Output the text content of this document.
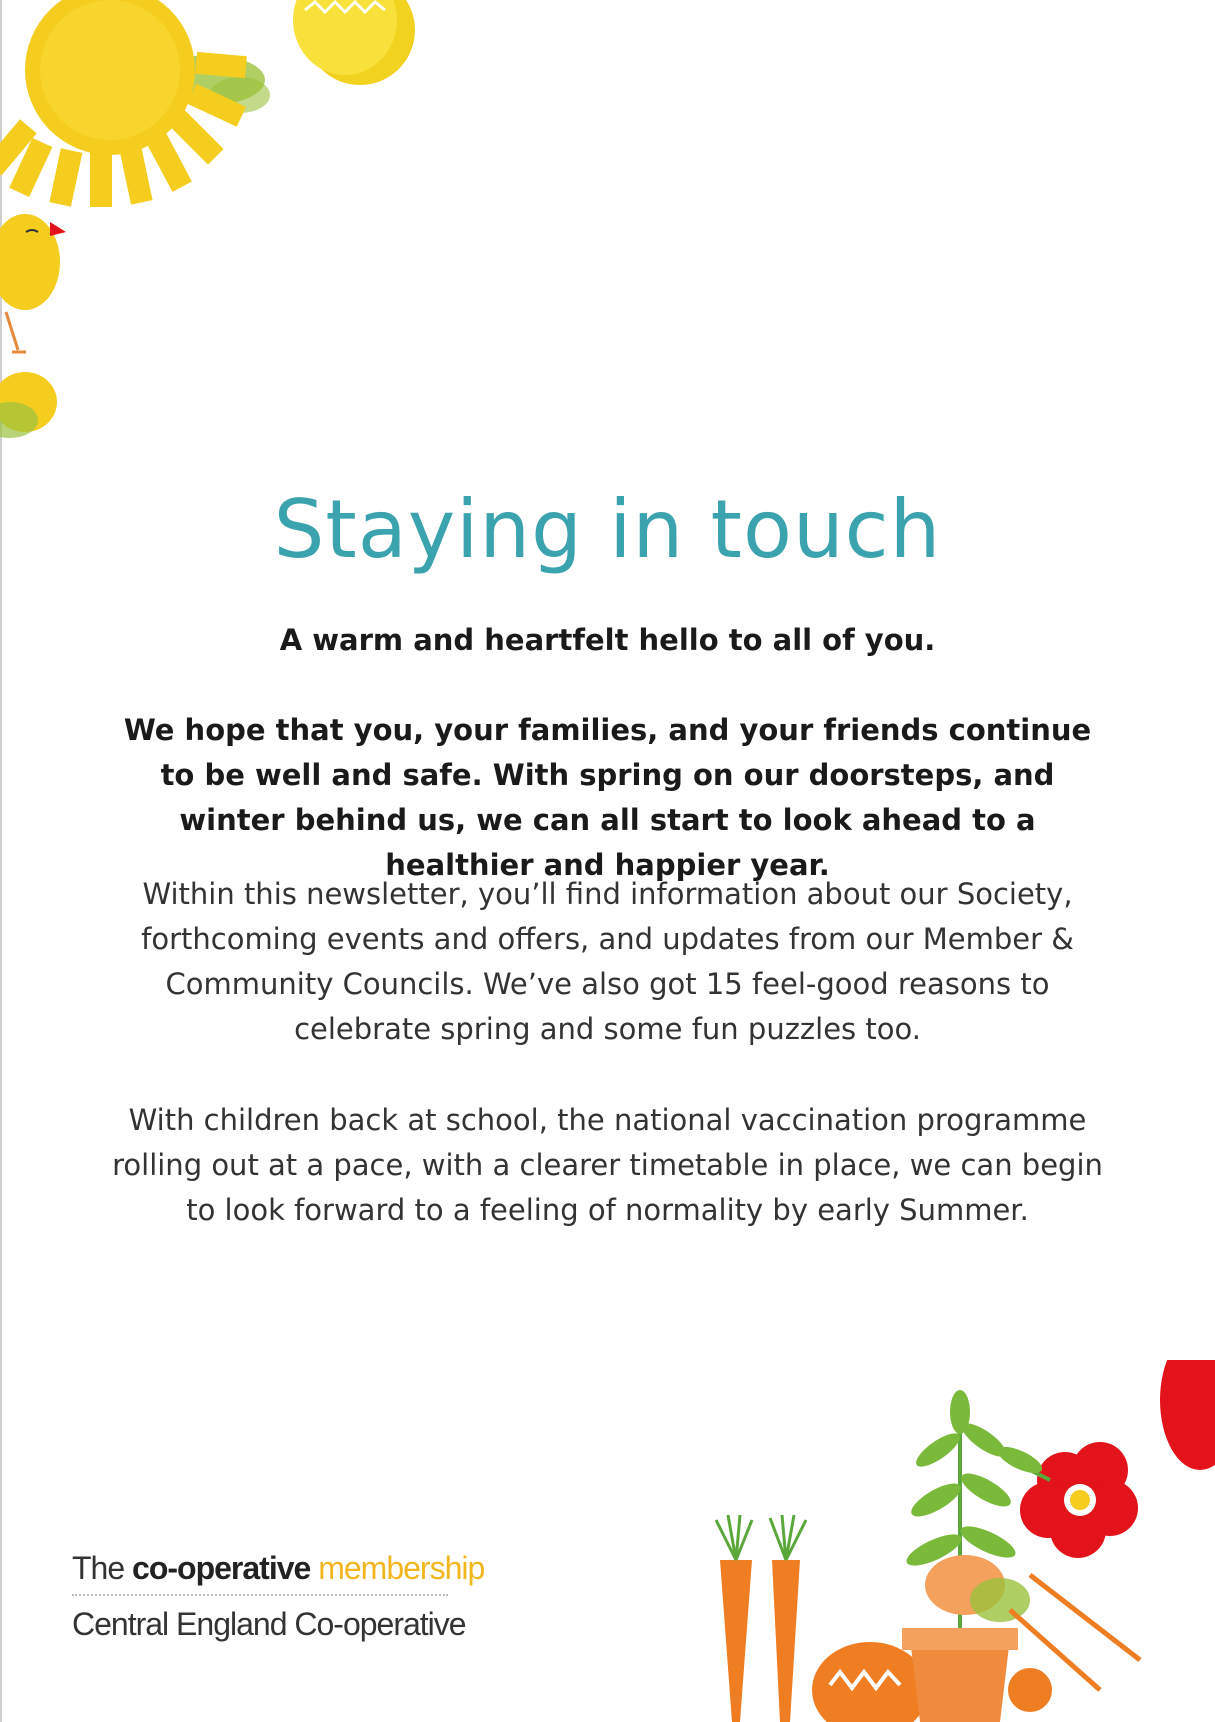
Staying in touch

A warm and heartfelt hello to all of you.

We hope that you, your families, and your friends continue to be well and safe. With spring on our doorsteps, and winter behind us, we can all start to look ahead to a healthier and happier year.

Within this newsletter, you’ll find information about our Society, forthcoming events and offers, and updates from our Member & Community Councils. We’ve also got 15 feel-good reasons to celebrate spring and some fun puzzles too.

With children back at school, the national vaccination programme rolling out at a pace, with a clearer timetable in place, we can begin to look forward to a feeling of normality by early Summer.

The co-operative membership
Central England Co-operative
